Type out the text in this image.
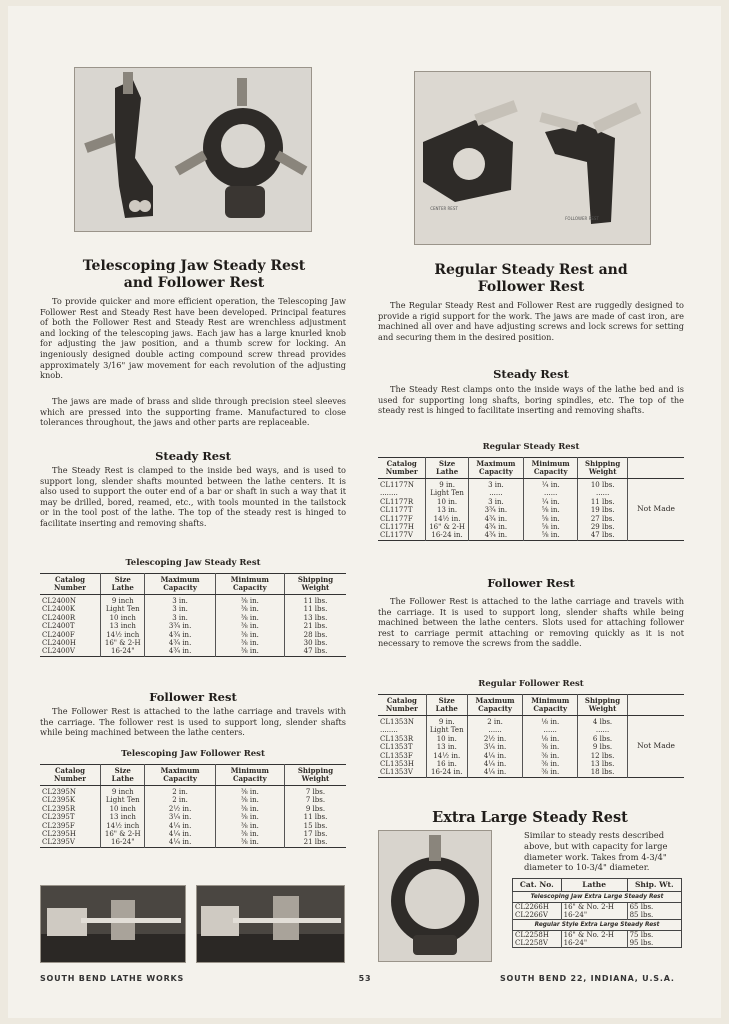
CENTER REST
FOLLOWER REST
Telescoping Jaw Steady Rest
and Follower Rest
To provide quicker and more efficient operation, the Telescoping Jaw Follower Rest and Steady Rest have been developed. Principal features of both the Follower Rest and Steady Rest are wrenchless adjustment and locking of the telescoping jaws. Each jaw has a large knurled knob for adjusting the jaw position, and a thumb screw for locking. An ingeniously designed double acting compound screw thread provides approximately 3/16" jaw movement for each revolution of the adjusting knob.
The jaws are made of brass and slide through precision steel sleeves which are pressed into the supporting frame. Manufactured to close tolerances throughout, the jaws and other parts are replaceable.
Steady Rest
The Steady Rest is clamped to the inside bed ways, and is used to support long, slender shafts mounted between the lathe centers. It is also used to support the outer end of a bar or shaft in such a way that it may be drilled, bored, reamed, etc., with tools mounted in the tailstock or in the tool post of the lathe. The top of the steady rest is hinged to facilitate inserting and removing shafts.
Telescoping Jaw Steady Rest
Catalog Number	Size Lathe	Maximum Capacity	Minimum Capacity	Shipping Weight
CL2400N	9 inch	3 in.	⅜ in.	11 lbs.
CL2400K	Light Ten	3 in.	⅜ in.	11 lbs.
CL2400R	10 inch	3 in.	⅜ in.	13 lbs.
CL2400T	13 inch	3¾ in.	⅜ in.	21 lbs.
CL2400F	14½ inch	4¾ in.	⅜ in.	28 lbs.
CL2400H	16" & 2-H	4¾ in.	⅜ in.	30 lbs.
CL2400V	16-24"	4¾ in.	⅜ in.	47 lbs.
Follower Rest
The Follower Rest is attached to the lathe carriage and travels with the carriage. The follower rest is used to support long, slender shafts while being machined between the lathe centers.
Telescoping Jaw Follower Rest
Catalog Number	Size Lathe	Maximum Capacity	Minimum Capacity	Shipping Weight
CL2395N	9 inch	2 in.	⅜ in.	7 lbs.
CL2395K	Light Ten	2 in.	⅜ in.	7 lbs.
CL2395R	10 inch	2½ in.	⅜ in.	9 lbs.
CL2395T	13 inch	3¼ in.	⅜ in.	11 lbs.
CL2395F	14½ inch	4¼ in.	⅜ in.	15 lbs.
CL2395H	16" & 2-H	4¼ in.	⅜ in.	17 lbs.
CL2395V	16-24"	4¼ in.	⅜ in.	21 lbs.
Regular Steady Rest and
Follower Rest
The Regular Steady Rest and Follower Rest are ruggedly designed to provide a rigid support for the work. The jaws are made of cast iron, are machined all over and have adjusting screws and lock screws for setting and securing them in the desired position.
Steady Rest
The Steady Rest clamps onto the inside ways of the lathe bed and is used for supporting long shafts, boring spindles, etc. The top of the steady rest is hinged to facilitate inserting and removing shafts.
Regular Steady Rest
Catalog Number	Size Lathe	Maximum Capacity	Minimum Capacity	Shipping Weight	
CL1177N	9 in.	3 in.	¼ in.	10 lbs.	Not Made
........	Light Ten	......	......	......	
CL1177R	10 in.	3 in.	¼ in.	11 lbs.	
CL1177T	13 in.	3¾ in.	⅝ in.	19 lbs.	
CL1177F	14½ in.	4¾ in.	⅝ in.	27 lbs.	
CL1177H	16" & 2-H	4¾ in.	⅝ in.	29 lbs.	
CL1177V	16-24 in.	4¾ in.	⅝ in.	47 lbs.	
Follower Rest
The Follower Rest is attached to the lathe carriage and travels with the carriage. It is used to support long, slender shafts while being machined between the lathe centers. Slots used for attaching follower rest to carriage permit attaching or removing quickly as it is not necessary to remove the screws from the saddle.
Regular Follower Rest
Catalog Number	Size Lathe	Maximum Capacity	Minimum Capacity	Shipping Weight	
CL1353N	9 in.	2 in.	⅛ in.	4 lbs.	Not Made
........	Light Ten	......	......	......	
CL1353R	10 in.	2½ in.	⅛ in.	6 lbs.	
CL1353T	13 in.	3¼ in.	⅜ in.	9 lbs.	
CL1353F	14½ in.	4¼ in.	⅜ in.	12 lbs.	
CL1353H	16 in.	4¼ in.	⅜ in.	13 lbs.	
CL1353V	16-24 in.	4¼ in.	⅜ in.	18 lbs.	
Extra Large Steady Rest
Similar to steady rests described above, but with capacity for large diameter work. Takes from 4-3/4" diameter to 10-3/4" diameter.
Cat. No.	Lathe	Ship. Wt.
Telescoping Jaw Extra Large Steady Rest		
CL2266H	16" & No. 2-H	65 lbs.
CL2266V	16-24"	85 lbs.
Regular Style Extra Large Steady Rest		
CL2258H	16" & No. 2-H	75 lbs.
CL2258V	16-24"	95 lbs.
SOUTH BEND LATHE WORKS	53	SOUTH BEND 22, INDIANA, U.S.A.
